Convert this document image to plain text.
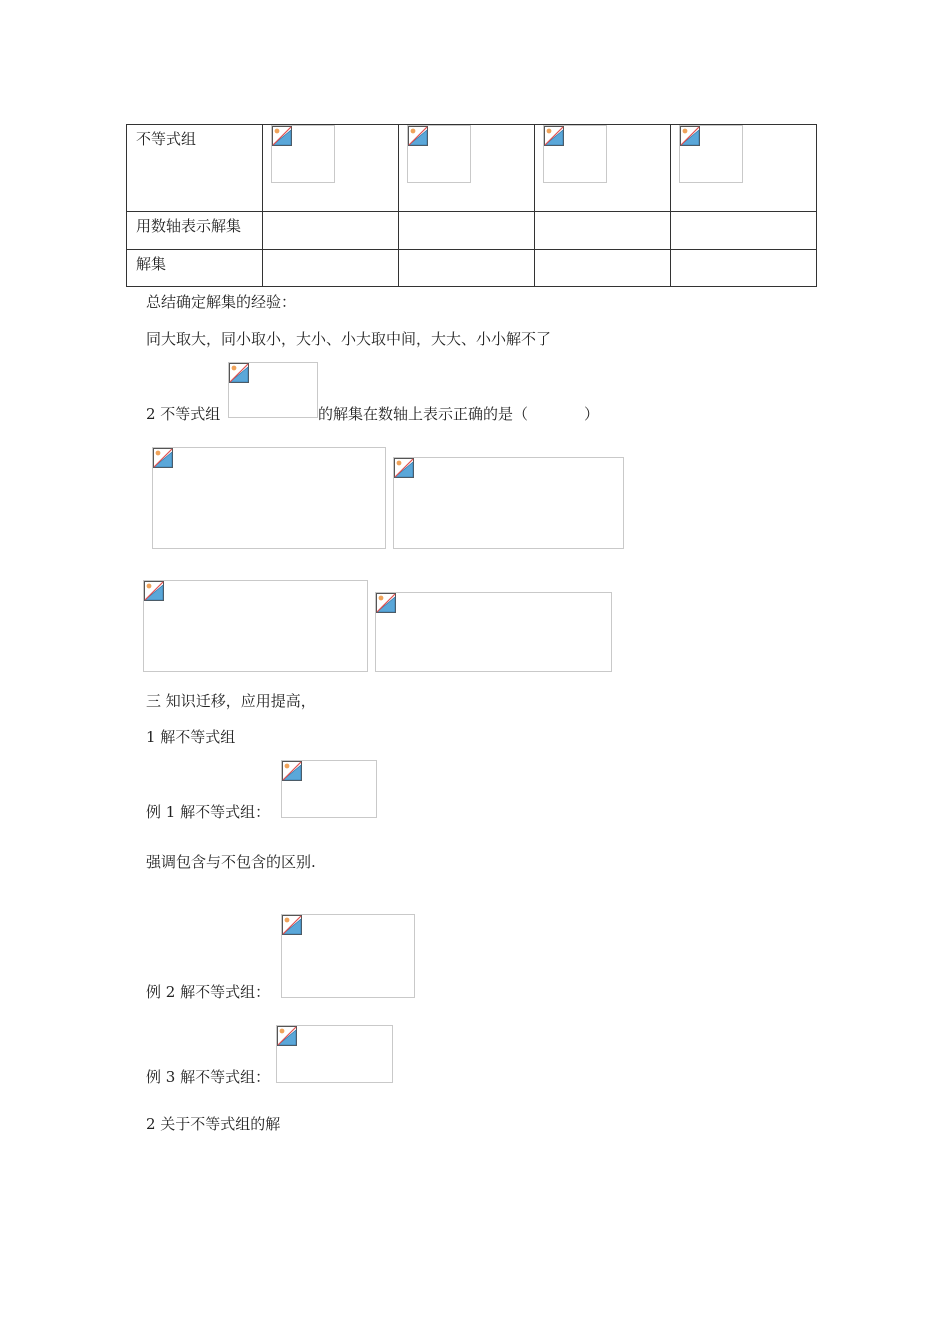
不等式组	

用数轴表示解集				
解集				
总结确定解集的经验：
同大取大，同小取小，大小、小大取中间，大大、小小解不了
2 不等式组	的解集在数轴上表示正确的是（	）
三 知识迁移，应用提高，
1 解不等式组
例 1 解不等式组：
强调包含与不包含的区别.
例 2 解不等式组：
例 3 解不等式组：
2 关于不等式组的解
